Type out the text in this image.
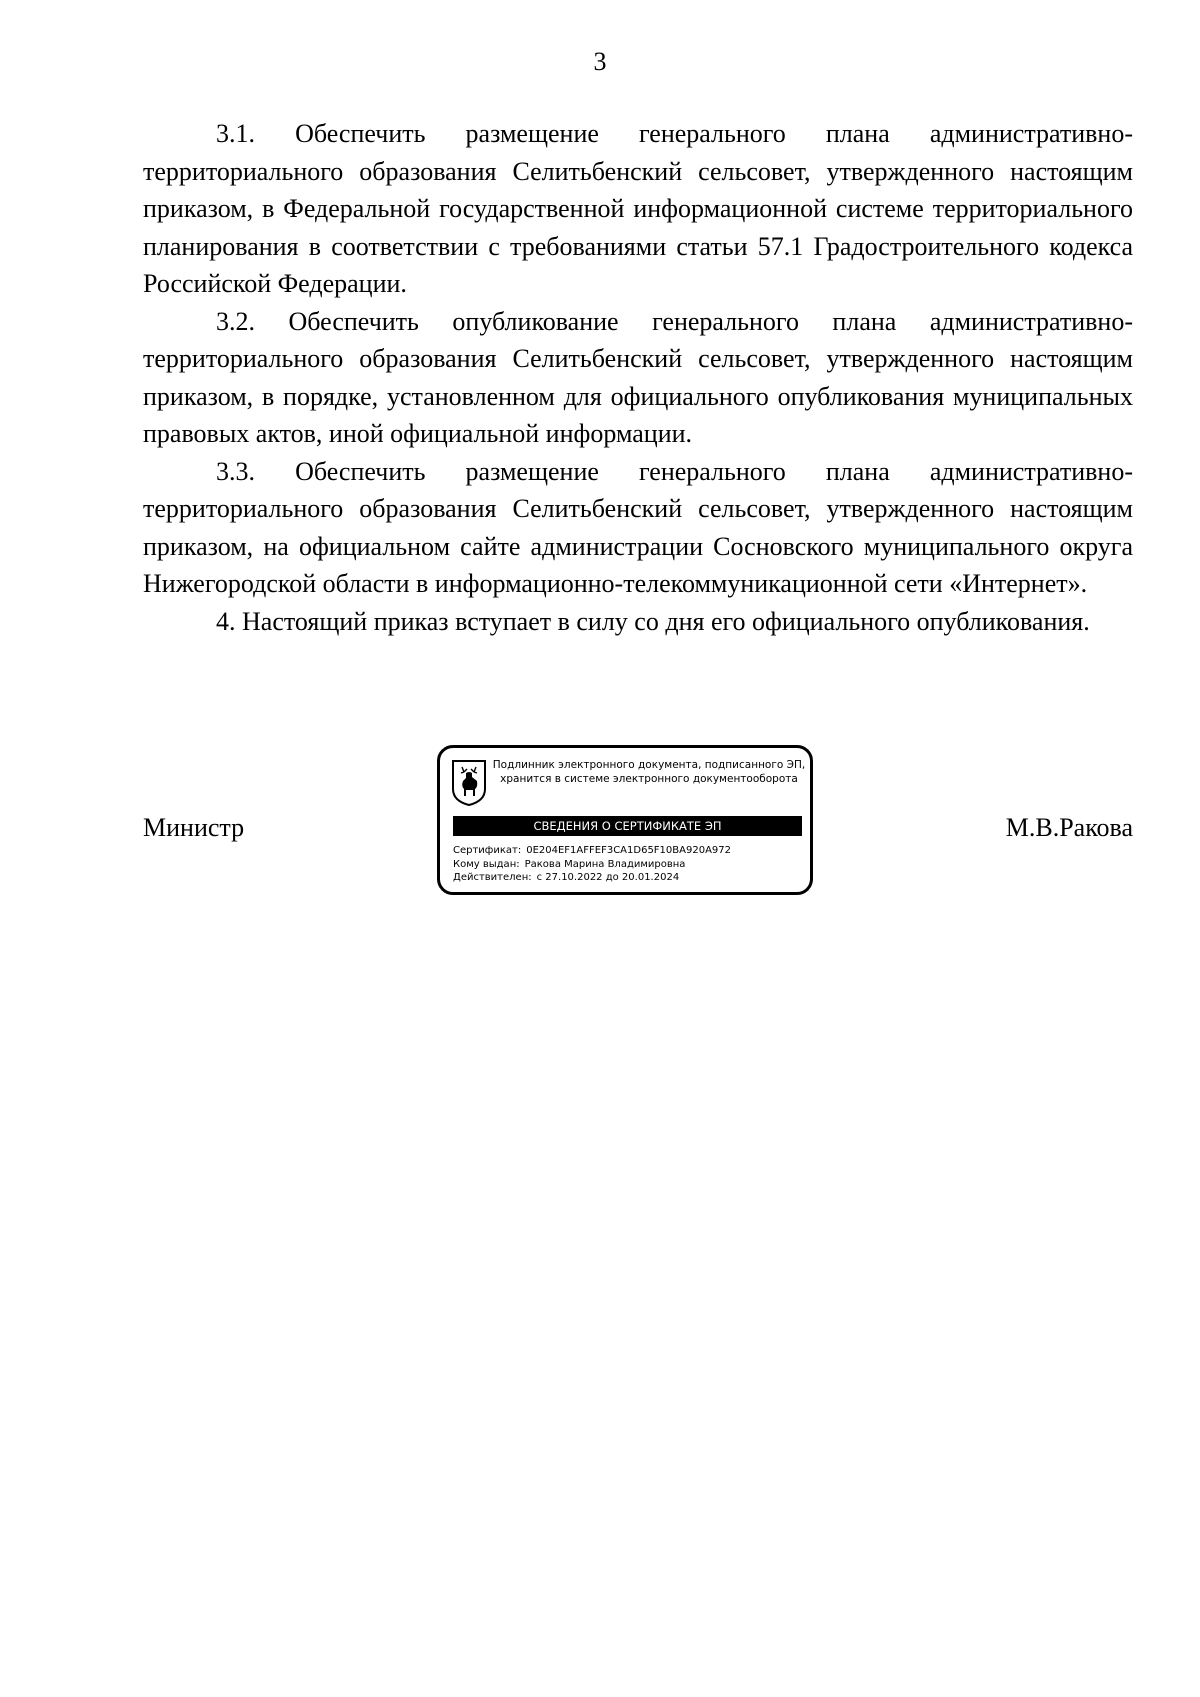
3

3.1. Обеспечить размещение генерального плана административно-территориального образования Селитьбенский сельсовет, утвержденного настоящим приказом, в Федеральной государственной информационной системе территориального планирования в соответствии с требованиями статьи 57.1 Градостроительного кодекса Российской Федерации.

3.2. Обеспечить опубликование генерального плана административно-территориального образования Селитьбенский сельсовет, утвержденного настоящим приказом, в порядке, установленном для официального опубликования муниципальных правовых актов, иной официальной информации.

3.3. Обеспечить размещение генерального плана административно-территориального образования Селитьбенский сельсовет, утвержденного настоящим приказом, на официальном сайте администрации Сосновского муниципального округа Нижегородской области в информационно-телекоммуникационной сети «Интернет».

4. Настоящий приказ вступает в силу со дня его официального опубликования.

Министр
Подлинник электронного документа, подписанного ЭП,
хранится в системе электронного документооборота
СВЕДЕНИЯ О СЕРТИФИКАТЕ ЭП
Сертификат: 0E204EF1AFFEF3CA1D65F10BA920A972
Кому выдан: Ракова Марина Владимировна
Действителен: с 27.10.2022 до 20.01.2024
М.В.Ракова
